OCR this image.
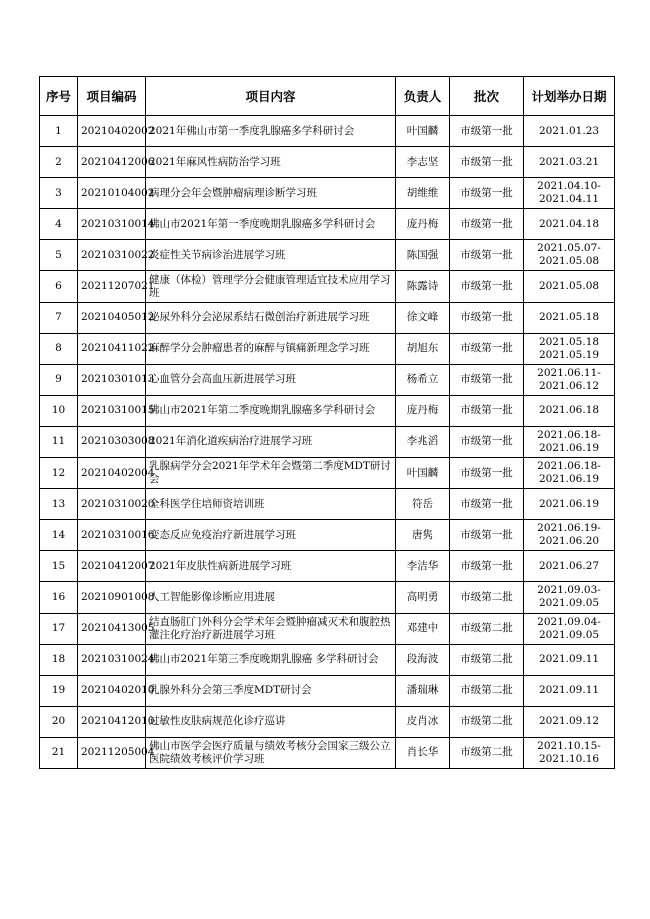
序号	项目编码	项目内容	负责人	批次	计划举办日期
1	20210402002	2021年佛山市第一季度乳腺癌多学科研讨会	叶国麟	市级第一批	2021.01.23

2	20210412006	2021年麻风性病防治学习班	李志坚	市级第一批	2021.03.21

3	20210104002	病理分会年会暨肿瘤病理诊断学习班	胡维维	市级第一批	2021.04.10-
2021.04.11

4	20210310014	佛山市2021年第一季度晚期乳腺癌多学科研讨会	庞丹梅	市级第一批	2021.04.18

5	20210310022	炎症性关节病诊治进展学习班	陈国强	市级第一批	2021.05.07-
2021.05.08

6	20211207021	健康（体检）管理学分会健康管理适宜技术应用学习班	陈露诗	市级第一批	2021.05.08

7	20210405012	泌尿外科分会泌尿系结石微创治疗新进展学习班	徐文峰	市级第一批	2021.05.18

8	20210411022	麻醉学分会肿瘤患者的麻醉与镇痛新理念学习班	胡旭东	市级第一批	2021.05.18
2021.05.19

9	20210301013	心血管分会高血压新进展学习班	杨希立	市级第一批	2021.06.11-
2021.06.12

10	20210310015	佛山市2021年第二季度晚期乳腺癌多学科研讨会	庞丹梅	市级第一批	2021.06.18

11	20210303008	2021年消化道疾病治疗进展学习班	李兆滔	市级第一批	2021.06.18-
2021.06.19

12	20210402004	乳腺病学分会2021年学术年会暨第二季度MDT研讨会	叶国麟	市级第一批	2021.06.18-
2021.06.19

13	20210310020	全科医学住培师资培训班	符岳	市级第一批	2021.06.19

14	20210310016	变态反应免疫治疗新进展学习班	唐隽	市级第一批	2021.06.19-
2021.06.20

15	20210412007	2021年皮肤性病新进展学习班	李洁华	市级第一批	2021.06.27

16	20210901008	人工智能影像诊断应用进展	高明勇	市级第二批	2021.09.03-
2021.09.05

17	20210413005	结直肠肛门外科分会学术年会暨肿瘤减灭术和腹腔热灌注化疗治疗新进展学习班	邓建中	市级第二批	2021.09.04-
2021.09.05

18	20210310024	佛山市2021年第三季度晚期乳腺癌 多学科研讨会	段海波	市级第二批	2021.09.11

19	20210402010	乳腺外科分会第三季度MDT研讨会	潘瑞琳	市级第二批	2021.09.11

20	20210412010	过敏性皮肤病规范化诊疗巡讲	皮肖冰	市级第二批	2021.09.12

21	20211205004	佛山市医学会医疗质量与绩效考核分会国家三级公立医院绩效考核评价学习班	肖长华	市级第二批	2021.10.15-
2021.10.16
